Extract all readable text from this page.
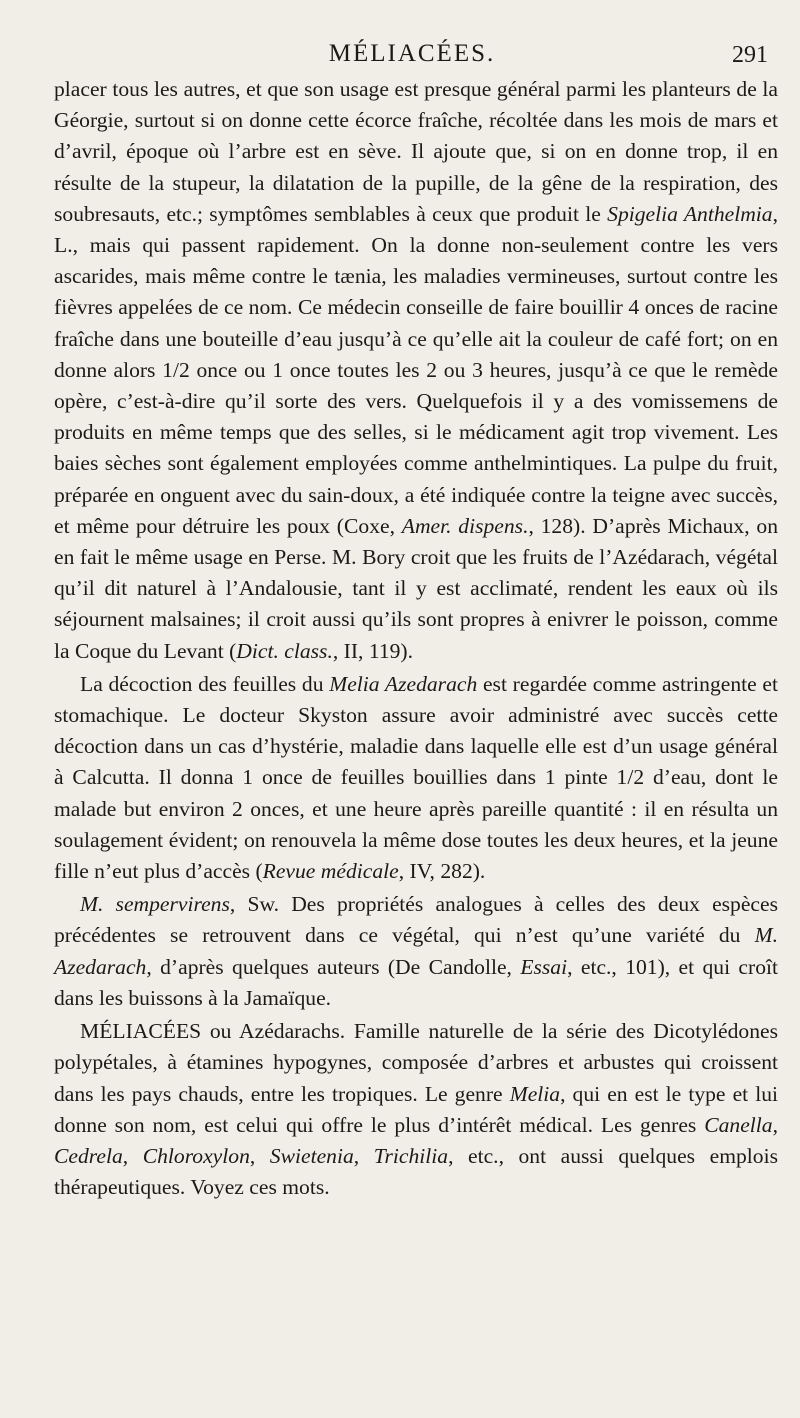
MÉLIACÉES.	291

placer tous les autres, et que son usage est presque général parmi les planteurs de la Géorgie, surtout si on donne cette écorce fraîche, récoltée dans les mois de mars et d’avril, époque où l’arbre est en sève. Il ajoute que, si on en donne trop, il en résulte de la stupeur, la dilatation de la pupille, de la gêne de la respiration, des soubresauts, etc.; symptômes semblables à ceux que produit le Spigelia Anthelmia, L., mais qui passent rapidement. On la donne non-seulement contre les vers ascarides, mais même contre le tænia, les maladies vermineuses, surtout contre les fièvres appelées de ce nom. Ce médecin conseille de faire bouillir 4 onces de racine fraîche dans une bouteille d’eau jusqu’à ce qu’elle ait la couleur de café fort; on en donne alors 1/2 once ou 1 once toutes les 2 ou 3 heures, jusqu’à ce que le remède opère, c’est-à-dire qu’il sorte des vers. Quelquefois il y a des vomissemens de produits en même temps que des selles, si le médicament agit trop vivement. Les baies sèches sont également employées comme anthelmintiques. La pulpe du fruit, préparée en onguent avec du sain-doux, a été indiquée contre la teigne avec succès, et même pour détruire les poux (Coxe, Amer. dispens., 128). D’après Michaux, on en fait le même usage en Perse. M. Bory croit que les fruits de l’Azédarach, végétal qu’il dit naturel à l’Andalousie, tant il y est acclimaté, rendent les eaux où ils séjournent malsaines; il croit aussi qu’ils sont propres à enivrer le poisson, comme la Coque du Levant (Dict. class., II, 119).

La décoction des feuilles du Melia Azedarach est regardée comme astringente et stomachique. Le docteur Skyston assure avoir administré avec succès cette décoction dans un cas d’hystérie, maladie dans laquelle elle est d’un usage général à Calcutta. Il donna 1 once de feuilles bouillies dans 1 pinte 1/2 d’eau, dont le malade but environ 2 onces, et une heure après pareille quantité : il en résulta un soulagement évident; on renouvela la même dose toutes les deux heures, et la jeune fille n’eut plus d’accès (Revue médicale, IV, 282).

M. sempervirens, Sw. Des propriétés analogues à celles des deux espèces précédentes se retrouvent dans ce végétal, qui n’est qu’une variété du M. Azedarach, d’après quelques auteurs (De Candolle, Essai, etc., 101), et qui croît dans les buissons à la Jamaïque.

MÉLIACÉES ou Azédarachs. Famille naturelle de la série des Dicotylédones polypétales, à étamines hypogynes, composée d’arbres et arbustes qui croissent dans les pays chauds, entre les tropiques. Le genre Melia, qui en est le type et lui donne son nom, est celui qui offre le plus d’intérêt médical. Les genres Canella, Cedrela, Chloroxylon, Swietenia, Trichilia, etc., ont aussi quelques emplois thérapeutiques. Voyez ces mots.
